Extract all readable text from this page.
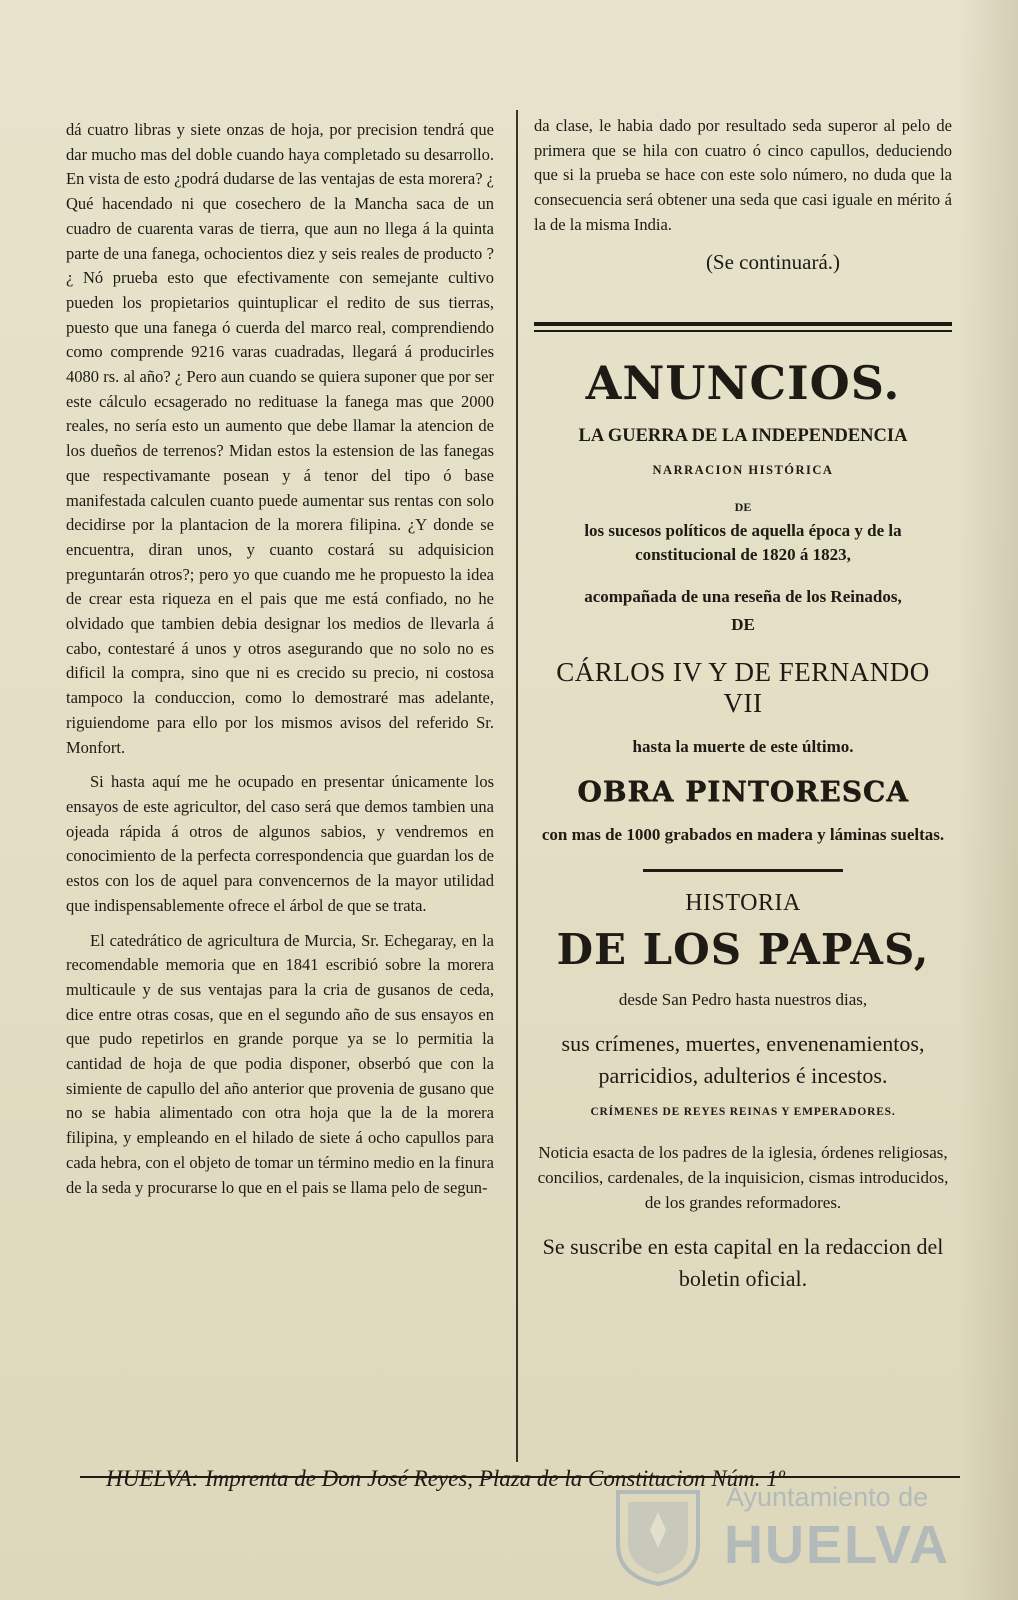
dá cuatro libras y siete onzas de hoja, por precision tendrá que dar mucho mas del doble cuando haya completado su desarrollo. En vista de esto ¿podrá dudarse de las ventajas de esta morera? ¿ Qué hacendado ni que cosechero de la Mancha saca de un cuadro de cuarenta varas de tierra, que aun no llega á la quinta parte de una fanega, ochocientos diez y seis reales de producto ? ¿ Nó prueba esto que efectivamente con semejante cultivo pueden los propietarios quintuplicar el redito de sus tierras, puesto que una fanega ó cuerda del marco real, comprendiendo como comprende 9216 varas cuadradas, llegará á producirles 4080 rs. al año? ¿ Pero aun cuando se quiera suponer que por ser este cálculo ecsagerado no redituase la fanega mas que 2000 reales, no sería esto un aumento que debe llamar la atencion de los dueños de terrenos? Midan estos la estension de las fanegas que respectivamante posean y á tenor del tipo ó base manifestada calculen cuanto puede aumentar sus rentas con solo decidirse por la plantacion de la morera filipina. ¿Y donde se encuentra, diran unos, y cuanto costará su adquisicion preguntarán otros?; pero yo que cuando me he propuesto la idea de crear esta riqueza en el pais que me está confiado, no he olvidado que tambien debia designar los medios de llevarla á cabo, contestaré á unos y otros asegurando que no solo no es dificil la compra, sino que ni es crecido su precio, ni costosa tampoco la conduccion, como lo demostraré mas adelante, riguiendome para ello por los mismos avisos del referido Sr. Monfort.

Si hasta aquí me he ocupado en presentar únicamente los ensayos de este agricultor, del caso será que demos tambien una ojeada rápida á otros de algunos sabios, y vendremos en conocimiento de la perfecta correspondencia que guardan los de estos con los de aquel para convencernos de la mayor utilidad que indispensablemente ofrece el árbol de que se trata.

El catedrático de agricultura de Murcia, Sr. Echegaray, en la recomendable memoria que en 1841 escribió sobre la morera multicaule y de sus ventajas para la cria de gusanos de ceda, dice entre otras cosas, que en el segundo año de sus ensayos en que pudo repetirlos en grande porque ya se lo permitia la cantidad de hoja de que podia disponer, obserbó que con la simiente de capullo del año anterior que provenia de gusano que no se habia alimentado con otra hoja que la de la morera filipina, y empleando en el hilado de siete á ocho capullos para cada hebra, con el objeto de tomar un término medio en la finura de la seda y procurarse lo que en el pais se llama pelo de segun-

da clase, le habia dado por resultado seda superor al pelo de primera que se hila con cuatro ó cinco capullos, deduciendo que si la prueba se hace con este solo número, no duda que la consecuencia será obtener una seda que casi iguale en mérito á la de la misma India.

(Se continuará.)
ANUNCIOS.
LA GUERRA DE LA INDEPENDENCIA
NARRACION HISTÓRICA
DE
los sucesos políticos de aquella época y de la constitucional de 1820 á 1823,
acompañada de una reseña de los Reinados,
DE
CÁRLOS IV Y DE FERNANDO VII
hasta la muerte de este último.
OBRA PINTORESCA
con mas de 1000 grabados en madera y láminas sueltas.
HISTORIA
DE LOS PAPAS,
desde San Pedro hasta nuestros dias,
sus crímenes, muertes, envenenamientos, parricidios, adulterios é incestos.
CRÍMENES DE REYES REINAS Y EMPERADORES.
Noticia esacta de los padres de la iglesia, órdenes religiosas, concilios, cardenales, de la inquisicion, cismas introducidos, de los grandes reformadores.
Se suscribe en esta capital en la redaccion del boletin oficial.
HUELVA: Imprenta de Don José Reyes, Plaza de la Constitucion Núm. 1º
Ayuntamiento de
HUELVA
